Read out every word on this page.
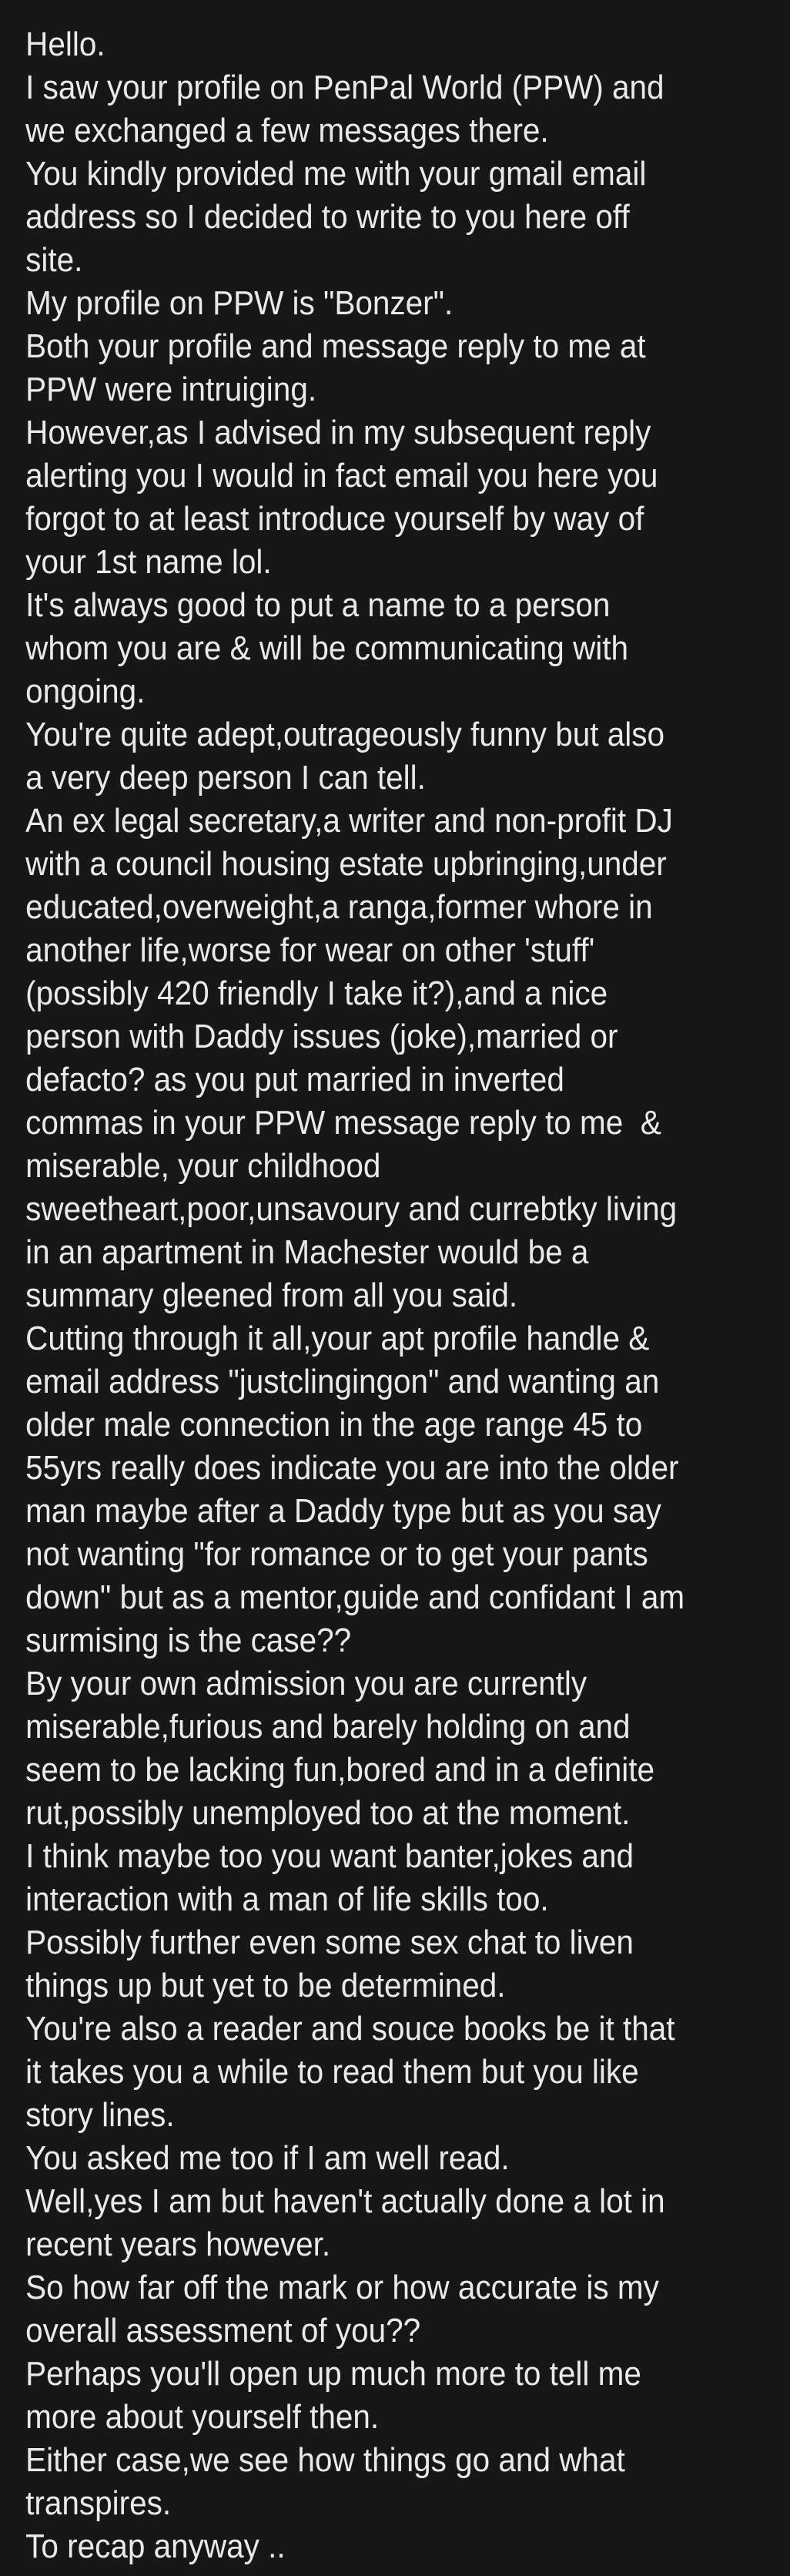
Hello.
I saw your profile on PenPal World (PPW) and
we exchanged a few messages there.
You kindly provided me with your gmail email
address so I decided to write to you here off
site.
My profile on PPW is "Bonzer".
Both your profile and message reply to me at
PPW were intruiging.
However,as I advised in my subsequent reply
alerting you I would in fact email you here you
forgot to at least introduce yourself by way of
your 1st name lol.
It's always good to put a name to a person
whom you are & will be communicating with
ongoing.
You're quite adept,outrageously funny but also
a very deep person I can tell.
An ex legal secretary,a writer and non-profit DJ
with a council housing estate upbringing,under
educated,overweight,a ranga,former whore in
another life,worse for wear on other 'stuff'
(possibly 420 friendly I take it?),and a nice
person with Daddy issues (joke),married or
defacto? as you put married in inverted
commas in your PPW message reply to me  &
miserable, your childhood
sweetheart,poor,unsavoury and currebtky living
in an apartment in Machester would be a
summary gleened from all you said.
Cutting through it all,your apt profile handle &
email address "justclingingon" and wanting an
older male connection in the age range 45 to
55yrs really does indicate you are into the older
man maybe after a Daddy type but as you say
not wanting "for romance or to get your pants
down" but as a mentor,guide and confidant I am
surmising is the case??
By your own admission you are currently
miserable,furious and barely holding on and
seem to be lacking fun,bored and in a definite
rut,possibly unemployed too at the moment.
I think maybe too you want banter,jokes and
interaction with a man of life skills too.
Possibly further even some sex chat to liven
things up but yet to be determined.
You're also a reader and souce books be it that
it takes you a while to read them but you like
story lines.
You asked me too if I am well read.
Well,yes I am but haven't actually done a lot in
recent years however.
So how far off the mark or how accurate is my
overall assessment of you??
Perhaps you'll open up much more to tell me
more about yourself then.
Either case,we see how things go and what
transpires.
To recap anyway ..
